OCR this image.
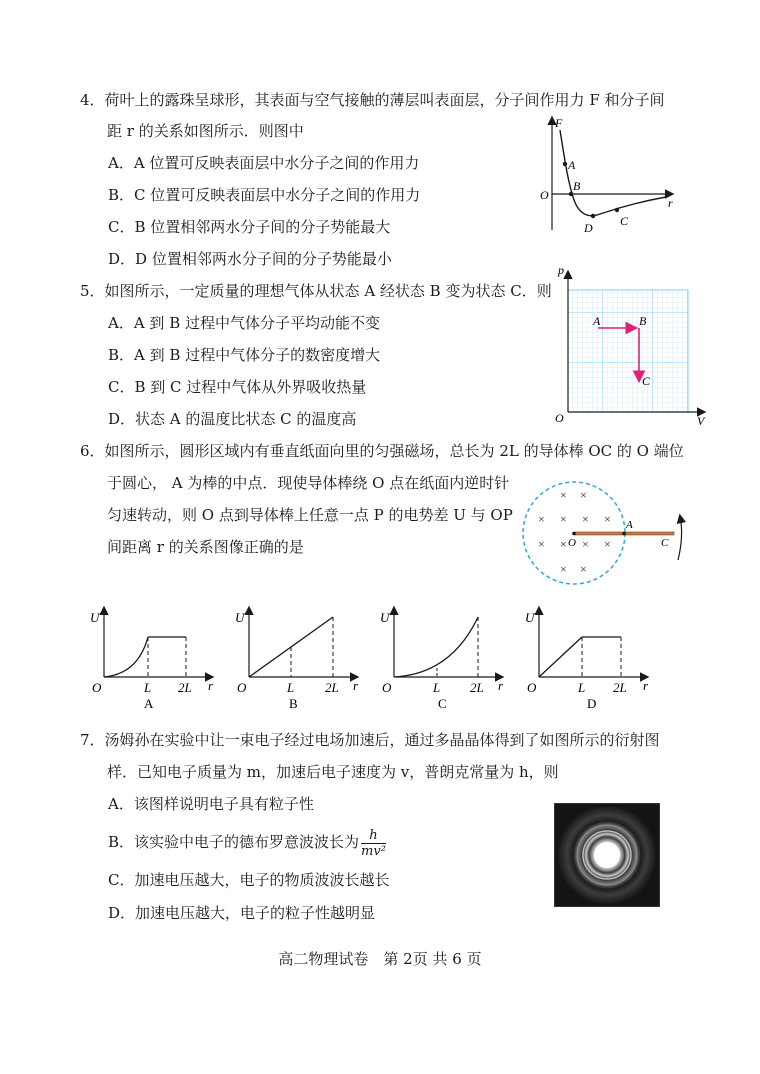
4．荷叶上的露珠呈球形，其表面与空气接触的薄层叫表面层，分子间作用力 F 和分子间
距 r 的关系如图所示．则图中
A．A 位置可反映表面层中水分子之间的作用力
B．C 位置可反映表面层中水分子之间的作用力
C．B 位置相邻两水分子间的分子势能最大
D．D 位置相邻两水分子间的分子势能最小
F
r
O
A
B
C
D
5．如图所示，一定质量的理想气体从状态 A 经状态 B 变为状态 C．则
A．A 到 B 过程中气体分子平均动能不变
B．A 到 B 过程中气体分子的数密度增大
C．B 到 C 过程中气体从外界吸收热量
D．状态 A 的温度比状态 C 的温度高
p
V
O
A	B
C
6．如图所示，圆形区域内有垂直纸面向里的匀强磁场，总长为 2L 的导体棒 OC 的 O 端位
于圆心， A 为棒的中点．现使导体棒绕 O 点在纸面内逆时针
匀速转动，则 O 点到导体棒上任意一点 P 的电势差 U 与 OP
间距离 r 的关系图像正确的是
× ×
× × × ×
× × × ×
× ×
O
A
C
U
r
O	L 2L
A
U
r
O	L 2L
B
U
r
O	L 2L
C
U
r
O	L 2L
D
7．汤姆孙在实验中让一束电子经过电场加速后，通过多晶晶体得到了如图所示的衍射图
样．已知电子质量为 m，加速后电子速度为 v，普朗克常量为 h，则
A．该图样说明电子具有粒子性
B．该实验中电子的德布罗意波波长为 $\frac{h}{\text{mv²}}$
C．加速电压越大，电子的物质波波长越长
D．加速电压越大，电子的粒子性越明显
高二物理试卷　第 2页 共 6 页
